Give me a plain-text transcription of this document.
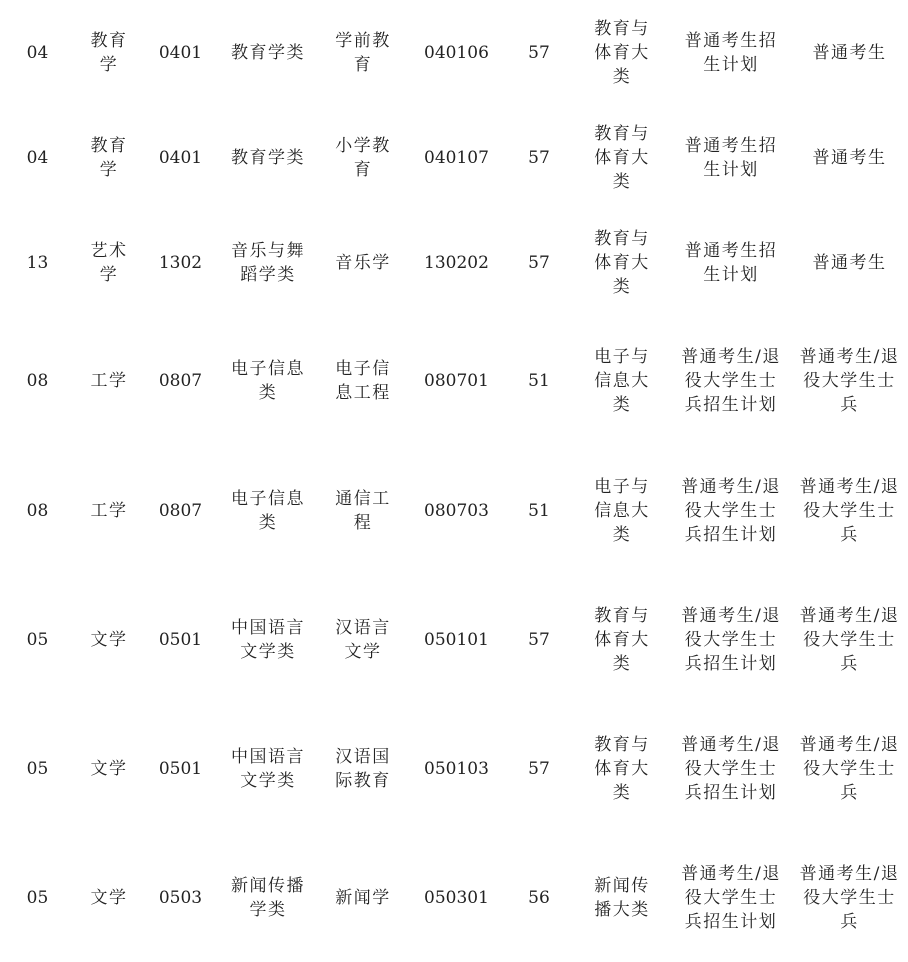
04	教育学	0401	教育学类	学前教育	040106	57	教育与体育大类	普通考生招生计划	普通考生

04	教育学	0401	教育学类	小学教育	040107	57	教育与体育大类	普通考生招生计划	普通考生

13	艺术学	1302	音乐与舞蹈学类	音乐学	130202	57	教育与体育大类	普通考生招生计划	普通考生

08	工学	0807	电子信息类	电子信息工程	080701	51	电子与信息大类	普通考生/退役大学生士兵招生计划	普通考生/退役大学生士兵

08	工学	0807	电子信息类	通信工程	080703	51	电子与信息大类	普通考生/退役大学生士兵招生计划	普通考生/退役大学生士兵

05	文学	0501	中国语言文学类	汉语言文学	050101	57	教育与体育大类	普通考生/退役大学生士兵招生计划	普通考生/退役大学生士兵

05	文学	0501	中国语言文学类	汉语国际教育	050103	57	教育与体育大类	普通考生/退役大学生士兵招生计划	普通考生/退役大学生士兵

05	文学	0503	新闻传播学类	新闻学	050301	56	新闻传播大类	普通考生/退役大学生士兵招生计划	普通考生/退役大学生士兵
